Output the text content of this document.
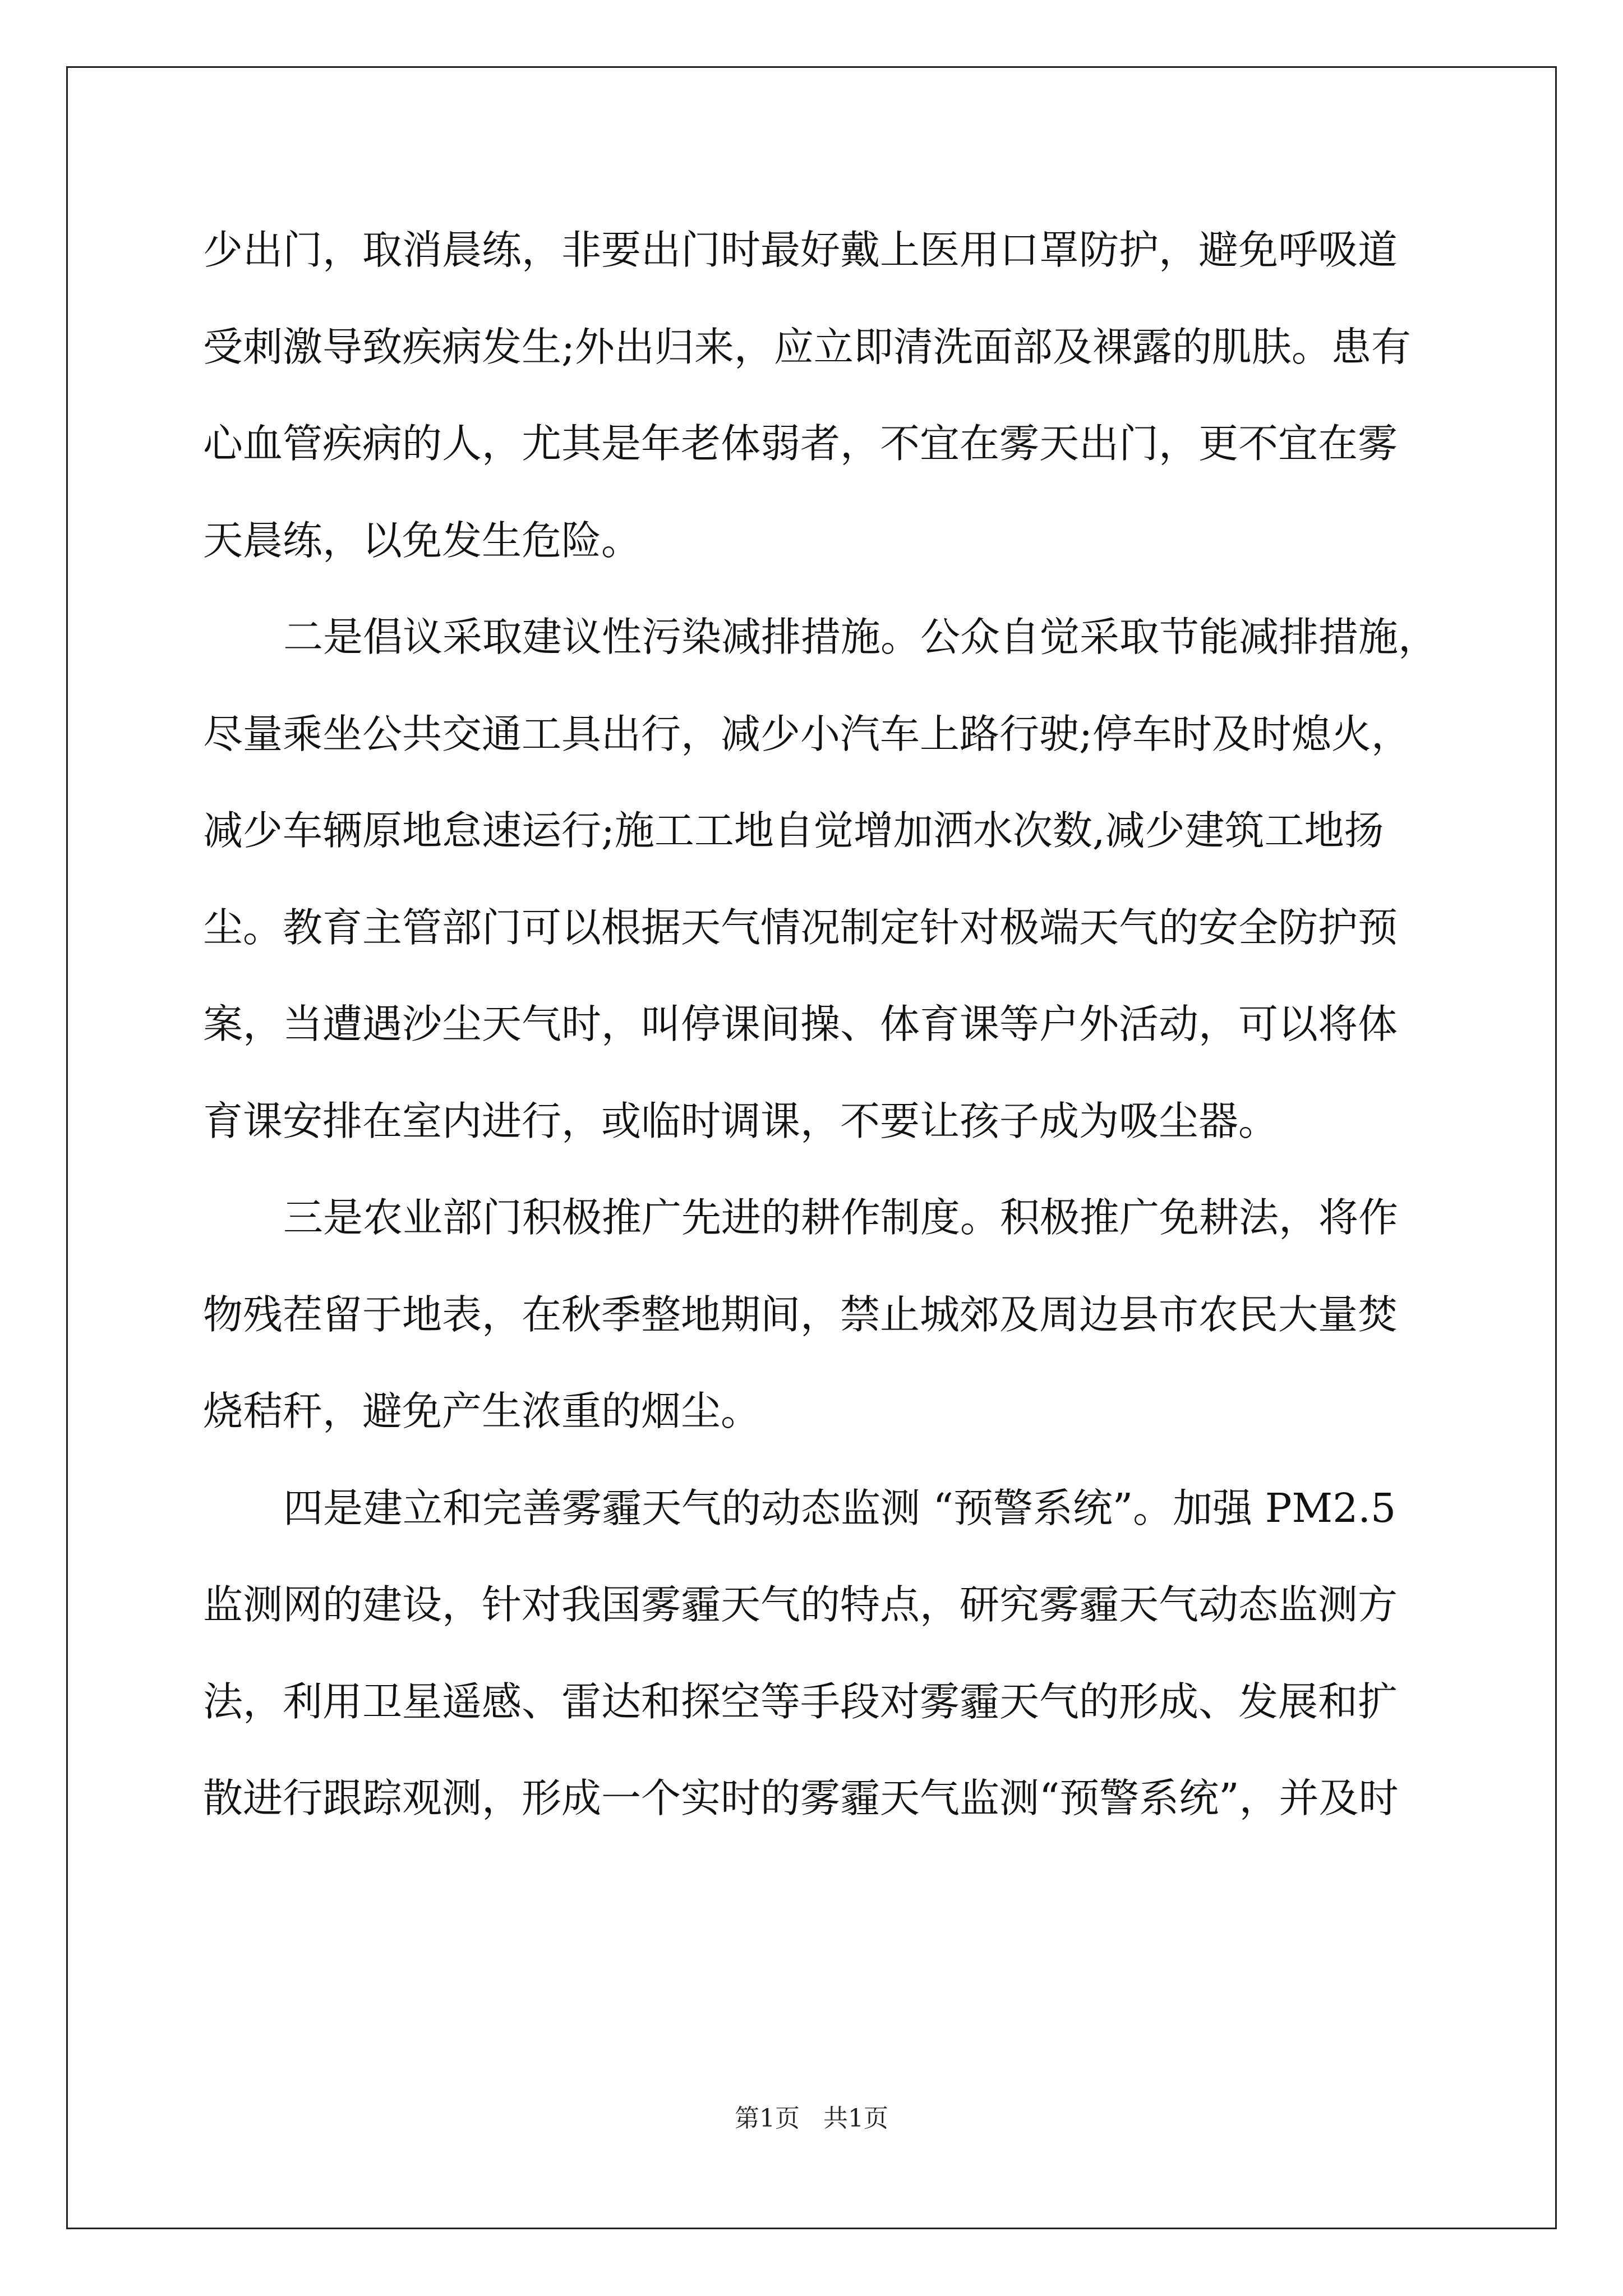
少出门，取消晨练，非要出门时最好戴上医用口罩防护，避免呼吸道
受刺激导致疾病发生;外出归来，应立即清洗面部及裸露的肌肤。患有
心血管疾病的人，尤其是年老体弱者，不宜在雾天出门，更不宜在雾
天晨练，以免发生危险。
二是倡议采取建议性污染减排措施。公众自觉采取节能减排措施，
尽量乘坐公共交通工具出行，减少小汽车上路行驶;停车时及时熄火，
减少车辆原地怠速运行;施工工地自觉增加洒水次数,减少建筑工地扬
尘。教育主管部门可以根据天气情况制定针对极端天气的安全防护预
案，当遭遇沙尘天气时，叫停课间操、体育课等户外活动，可以将体
育课安排在室内进行，或临时调课，不要让孩子成为吸尘器。
三是农业部门积极推广先进的耕作制度。积极推广免耕法，将作
物残茬留于地表，在秋季整地期间，禁止城郊及周边县市农民大量焚
烧秸秆，避免产生浓重的烟尘。
四是建立和完善雾霾天气的动态监测 “预警系统”。加强 PM2.5
监测网的建设，针对我国雾霾天气的特点，研究雾霾天气动态监测方
法，利用卫星遥感、雷达和探空等手段对雾霾天气的形成、发展和扩
散进行跟踪观测，形成一个实时的雾霾天气监测“预警系统”，并及时
第1页   共1页
